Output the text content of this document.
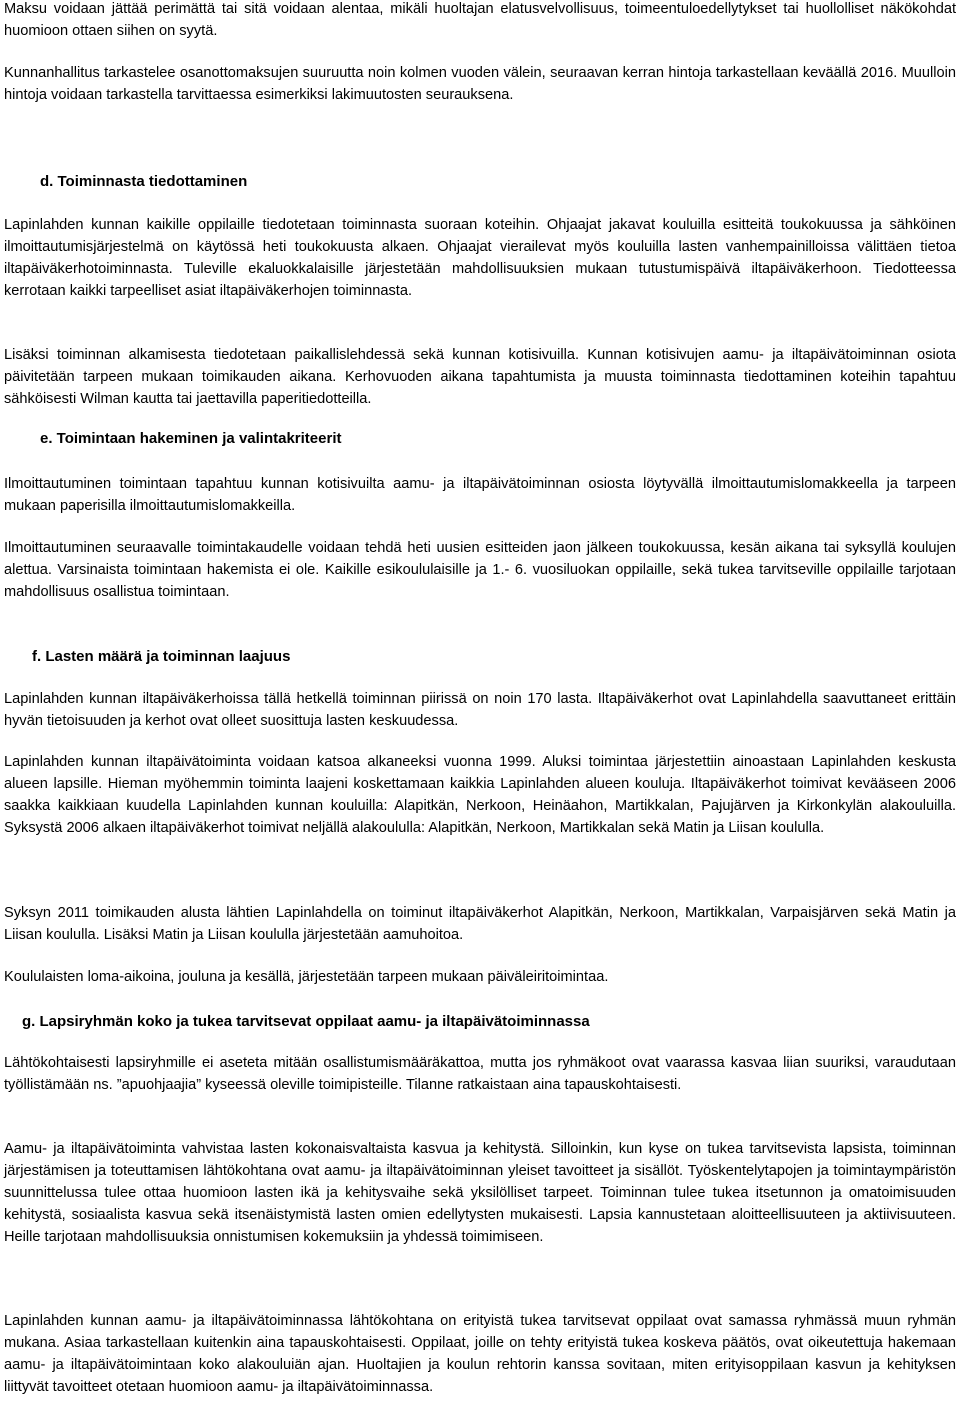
Maksu voidaan jättää perimättä tai sitä voidaan alentaa, mikäli huoltajan elatusvelvollisuus, toimeentuloedellytykset tai huollolliset näkökohdat huomioon ottaen siihen on syytä.

Kunnanhallitus tarkastelee osanottomaksujen suuruutta noin kolmen vuoden välein, seuraavan kerran hintoja tarkastellaan keväällä 2016. Muulloin hintoja voidaan tarkastella tarvittaessa esimerkiksi lakimuutosten seurauksena.

d. Toiminnasta tiedottaminen

Lapinlahden kunnan kaikille oppilaille tiedotetaan toiminnasta suoraan koteihin. Ohjaajat jakavat kouluilla esitteitä toukokuussa ja sähköinen ilmoittautumisjärjestelmä on käytössä heti toukokuusta alkaen. Ohjaajat vierailevat myös kouluilla lasten vanhempainilloissa välittäen tietoa iltapäiväkerhotoiminnasta. Tuleville ekaluokkalaisille järjestetään mahdollisuuksien mukaan tutustumispäivä iltapäiväkerhoon. Tiedotteessa kerrotaan kaikki tarpeelliset asiat iltapäiväkerhojen toiminnasta.

Lisäksi toiminnan alkamisesta tiedotetaan paikallislehdessä sekä kunnan kotisivuilla. Kunnan kotisivujen aamu- ja iltapäivätoiminnan osiota päivitetään tarpeen mukaan toimikauden aikana. Kerhovuoden aikana tapahtumista ja muusta toiminnasta tiedottaminen koteihin tapahtuu sähköisesti Wilman kautta tai jaettavilla paperitiedotteilla.

e. Toimintaan hakeminen ja valintakriteerit

Ilmoittautuminen toimintaan tapahtuu kunnan kotisivuilta aamu- ja iltapäivätoiminnan osiosta löytyvällä ilmoittautumislomakkeella ja tarpeen mukaan paperisilla ilmoittautumislomakkeilla.

Ilmoittautuminen seuraavalle toimintakaudelle voidaan tehdä heti uusien esitteiden jaon jälkeen toukokuussa, kesän aikana tai syksyllä koulujen alettua. Varsinaista toimintaan hakemista ei ole. Kaikille esikoululaisille ja 1.- 6. vuosiluokan oppilaille, sekä tukea tarvitseville oppilaille tarjotaan mahdollisuus osallistua toimintaan.

f. Lasten määrä ja toiminnan laajuus

Lapinlahden kunnan iltapäiväkerhoissa tällä hetkellä toiminnan piirissä on noin 170 lasta. Iltapäiväkerhot ovat Lapinlahdella saavuttaneet erittäin hyvän tietoisuuden ja kerhot ovat olleet suosittuja lasten keskuudessa.

Lapinlahden kunnan iltapäivätoiminta voidaan katsoa alkaneeksi vuonna 1999. Aluksi toimintaa järjestettiin ainoastaan Lapinlahden keskusta alueen lapsille. Hieman myöhemmin toiminta laajeni koskettamaan kaikkia Lapinlahden alueen kouluja. Iltapäiväkerhot toimivat kevääseen 2006 saakka kaikkiaan kuudella Lapinlahden kunnan kouluilla: Alapitkän, Nerkoon, Heinäahon, Martikkalan, Pajujärven ja Kirkonkylän alakouluilla. Syksystä 2006 alkaen iltapäiväkerhot toimivat neljällä alakoululla: Alapitkän, Nerkoon, Martikkalan sekä Matin ja Liisan koululla.

Syksyn 2011 toimikauden alusta lähtien Lapinlahdella on toiminut iltapäiväkerhot Alapitkän, Nerkoon, Martikkalan, Varpaisjärven sekä Matin ja Liisan koululla. Lisäksi Matin ja Liisan koululla järjestetään aamuhoitoa.

Koululaisten loma-aikoina, jouluna ja kesällä, järjestetään tarpeen mukaan päiväleiritoimintaa.

g. Lapsiryhmän koko ja tukea tarvitsevat oppilaat aamu- ja iltapäivätoiminnassa

Lähtökohtaisesti lapsiryhmille ei aseteta mitään osallistumismääräkattoa, mutta jos ryhmäkoot ovat vaarassa kasvaa liian suuriksi, varaudutaan työllistämään ns. ”apuohjaajia” kyseessä oleville toimipisteille. Tilanne ratkaistaan aina tapauskohtaisesti.

Aamu- ja iltapäivätoiminta vahvistaa lasten kokonaisvaltaista kasvua ja kehitystä. Silloinkin, kun kyse on tukea tarvitsevista lapsista, toiminnan järjestämisen ja toteuttamisen lähtökohtana ovat aamu- ja iltapäivätoiminnan yleiset tavoitteet ja sisällöt. Työskentelytapojen ja toimintaympäristön suunnittelussa tulee ottaa huomioon lasten ikä ja kehitysvaihe sekä yksilölliset tarpeet. Toiminnan tulee tukea itsetunnon ja omatoimisuuden kehitystä, sosiaalista kasvua sekä itsenäistymistä lasten omien edellytysten mukaisesti. Lapsia kannustetaan aloitteellisuuteen ja aktiivisuuteen. Heille tarjotaan mahdollisuuksia onnistumisen kokemuksiin ja yhdessä toimimiseen.

Lapinlahden kunnan aamu- ja iltapäivätoiminnassa lähtökohtana on erityistä tukea tarvitsevat oppilaat ovat samassa ryhmässä muun ryhmän mukana. Asiaa tarkastellaan kuitenkin aina tapauskohtaisesti. Oppilaat, joille on tehty erityistä tukea koskeva päätös, ovat oikeutettuja hakemaan aamu- ja iltapäivätoimintaan koko alakouluiän ajan. Huoltajien ja koulun rehtorin kanssa sovitaan, miten erityisoppilaan kasvun ja kehityksen liittyvät tavoitteet otetaan huomioon aamu- ja iltapäivätoiminnassa.
